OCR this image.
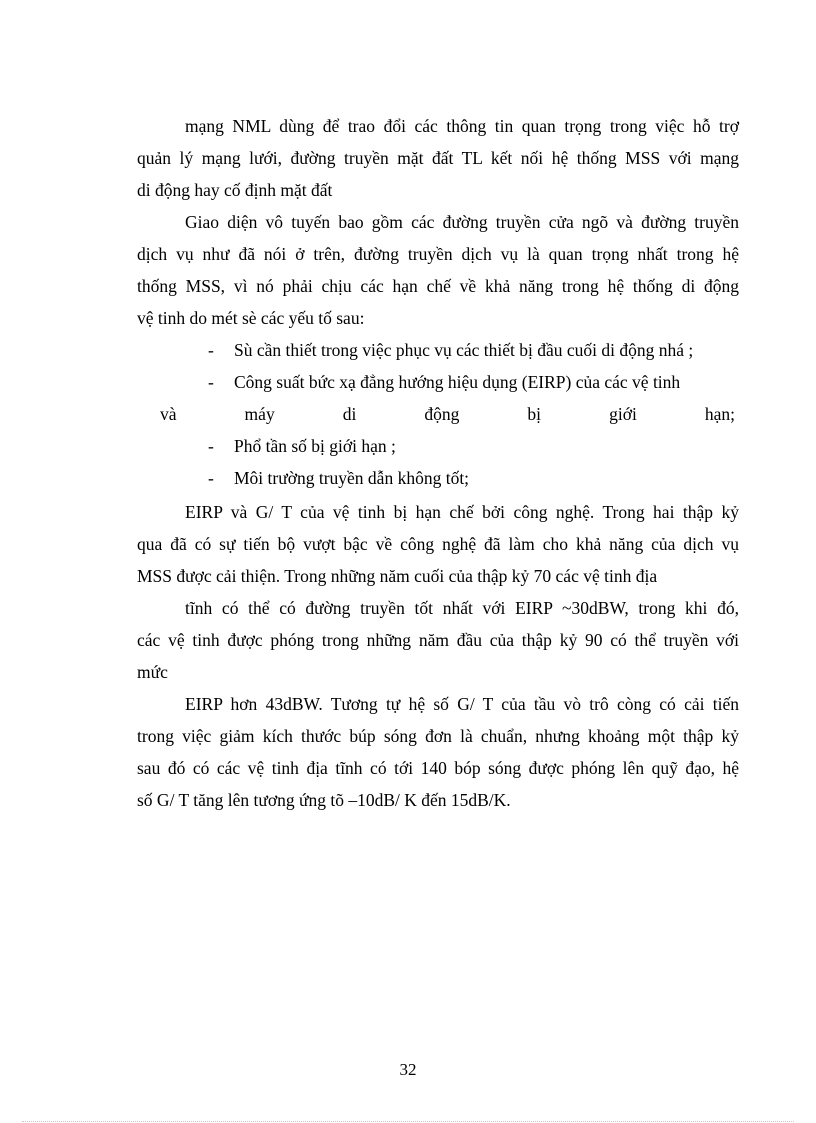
mạng NML dùng để trao đổi các thông tin quan trọng trong việc hỗ trợ
quản lý mạng lưới, đường truyền mặt đất TL kết nối hệ thống MSS với mạng
di động hay cố định mặt đất
Giao diện vô tuyến bao gồm các đường truyền cửa ngõ và đường truyền
dịch vụ như đã nói ở trên, đường truyền dịch vụ là quan trọng nhất trong hệ
thống MSS, vì nó phải chịu các hạn chế về khả năng trong hệ thống di động
vệ tinh do mét sè các yếu tố sau:
- Sù cần thiết trong việc phục vụ các thiết bị đầu cuối di động nhá ;
- Công suất bức xạ đẳng hướng hiệu dụng (EIRP) của các vệ tinh
và máy di động bị giới hạn;
- Phổ tần số bị giới hạn ;
- Môi trường truyền dẫn không tốt;
EIRP và G/ T của vệ tinh bị hạn chế bởi công nghệ. Trong hai thập kỷ
qua đã có sự tiến bộ vượt bậc về công nghệ đã làm cho khả năng của dịch vụ
MSS được cải thiện. Trong những năm cuối của thập kỷ 70 các vệ tinh địa
tĩnh có thể có đường truyền tốt nhất với EIRP ~30dBW, trong khi đó,
các vệ tinh được phóng trong những năm đầu của thập kỷ 90 có thể truyền với
mức
EIRP hơn 43dBW. Tương tự hệ số G/ T của tầu vò trô còng có cải tiến
trong việc giảm kích thước búp sóng đơn là chuẩn, nhưng khoảng một thập kỷ
sau đó có các vệ tinh địa tĩnh có tới 140 bóp sóng được phóng lên quỹ đạo, hệ
số G/ T tăng lên tương ứng tõ –10dB/ K đến 15dB/K.
32
